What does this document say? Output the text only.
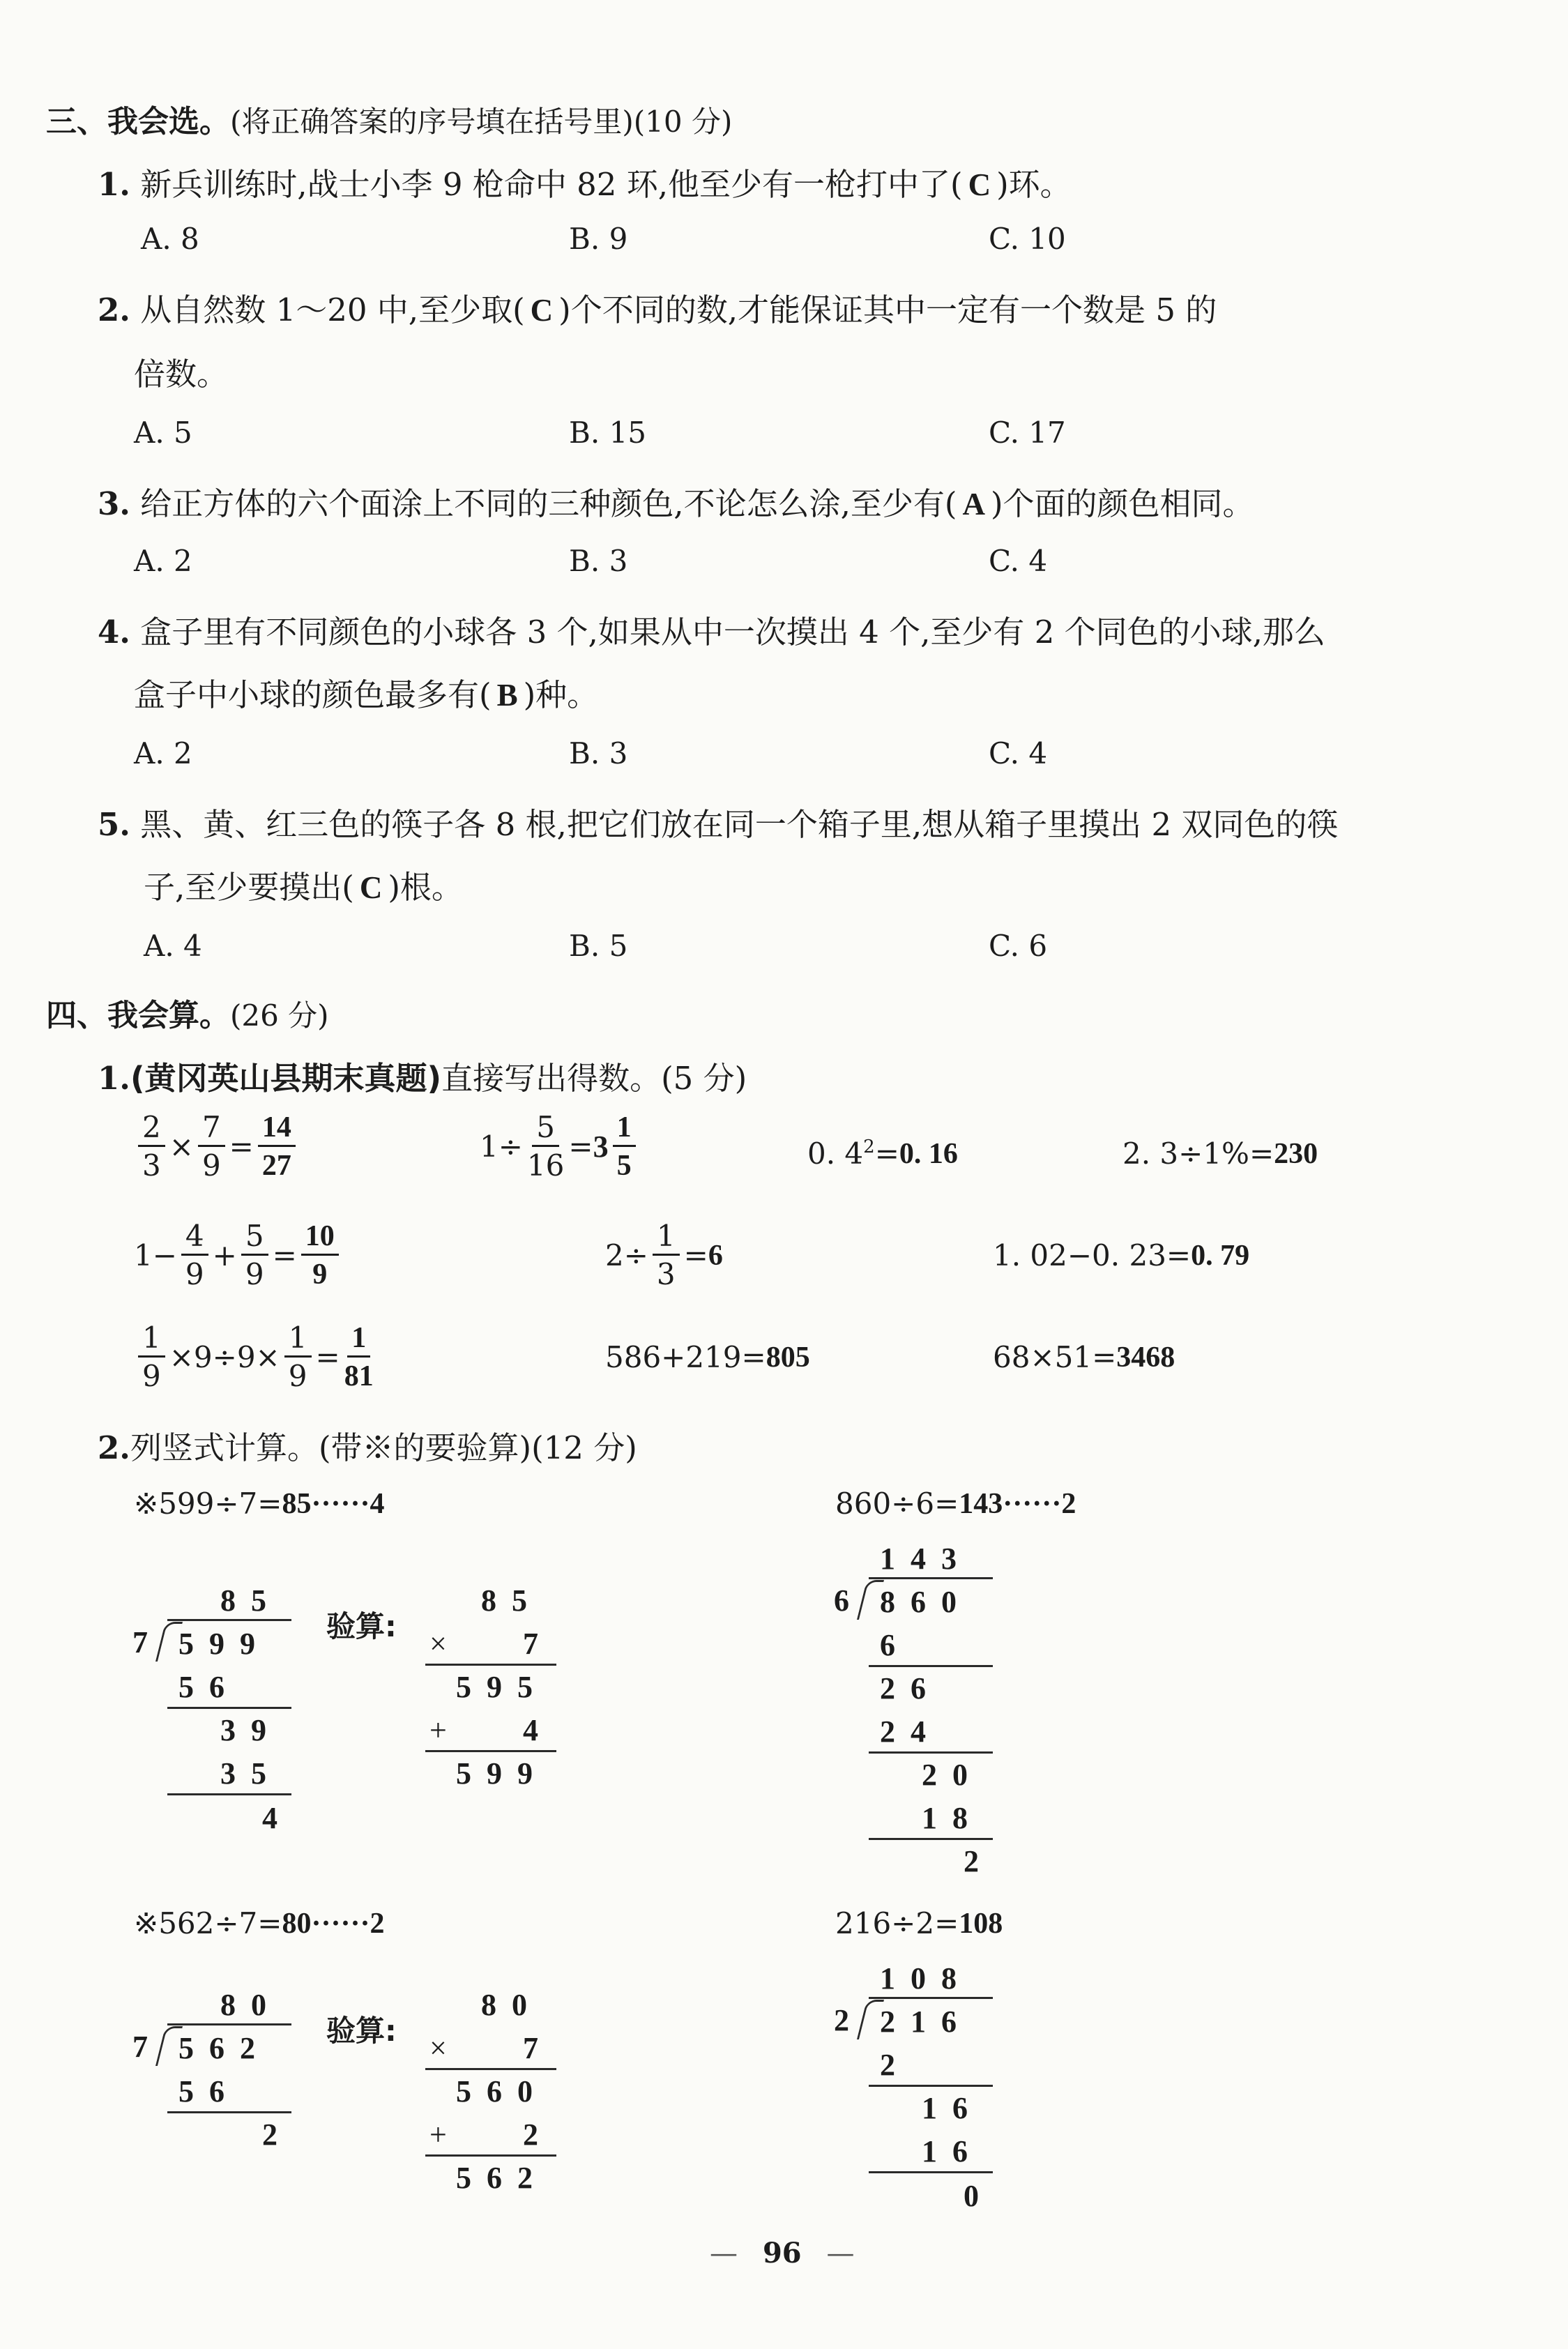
三、我会选。(将正确答案的序号填在括号里)(10 分)
1. 新兵训练时,战士小李 9 枪命中 82 环,他至少有一枪打中了( C )环。
A. 8	B. 9	C. 10
2. 从自然数 1～20 中,至少取( C )个不同的数,才能保证其中一定有一个数是 5 的
倍数。
A. 5	B. 15	C. 17
3. 给正方体的六个面涂上不同的三种颜色,不论怎么涂,至少有( A )个面的颜色相同。
A. 2	B. 3	C. 4
4. 盒子里有不同颜色的小球各 3 个,如果从中一次摸出 4 个,至少有 2 个同色的小球,那么
盒子中小球的颜色最多有( B )种。
A. 2	B. 3	C. 4
5. 黑、黄、红三色的筷子各 8 根,把它们放在同一个箱子里,想从箱子里摸出 2 双同色的筷
子,至少要摸出( C )根。
A. 4	B. 5	C. 6
四、我会算。(26 分)
1.(黄冈英山县期末真题)直接写出得数。(5 分)
$\frac{2}{3} \times \frac{7}{9} = \frac{14}{27}$	$1\div \frac{5}{16} = 3 \frac{1}{5}$	0. $4^2 = 0$. 16	2. 3÷1%= 230
$1- \frac{4}{9} + \frac{5}{9} = \frac{10}{9}$	$2\div \frac{1}{3} = 6$	1. 02−0. 23= 0. 79
$\frac{1}{9} \times 9\div 9\times \frac{1}{9} = \frac{1}{81}$	586+219= 805	68×51= 3468
2.列竖式计算。(带※的要验算)(12 分)
※599÷7= 85······4	860÷6= 143······2
85
7 599
56
39
35
4
验算:
85
× 7
595
+ 4
599
143
6 860
6
26
24
20
18
2
※562÷7= 80······2	216÷2= 108
80
7 562
56
2
验算:
80
× 7
560
+ 2
562
108
2 216
2
16
16
0
— 96 —
